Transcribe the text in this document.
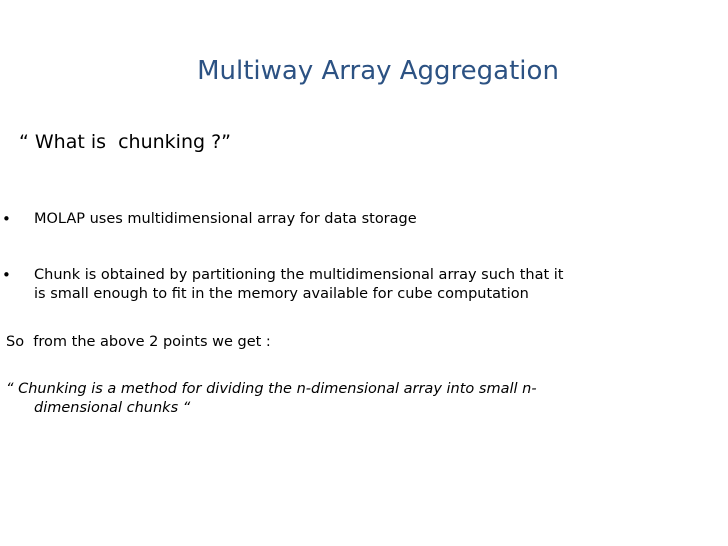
Multiway Array Aggregation
“ What is  chunking ?”
• MOLAP uses multidimensional array for data storage
• Chunk is obtained by partitioning the multidimensional array such that it
is small enough to fit in the memory available for cube computation
So  from the above 2 points we get :
“ Chunking is a method for dividing the n-dimensional array into small n-
dimensional chunks “
